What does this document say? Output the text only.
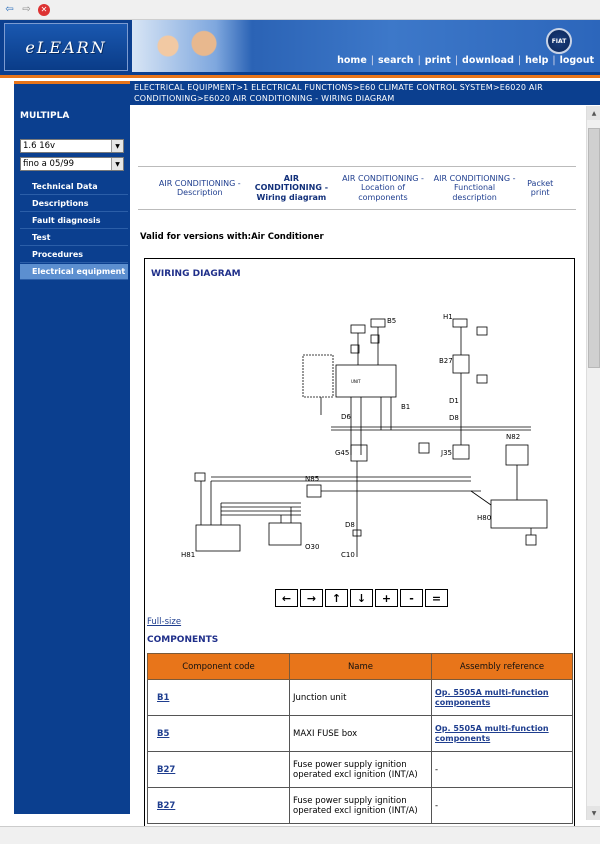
⇦ ⇨	✕
eLEARN	FIAT
home | search | print | download | help | logout
MULTIPLA
1.6 16v	▼
fino a 05/99	▼
Technical Data
Descriptions
Fault diagnosis
Test
Procedures
Electrical equipment
ELECTRICAL EQUIPMENT>1 ELECTRICAL FUNCTIONS>E60 CLIMATE CONTROL SYSTEM>E6020 AIR CONDITIONING>E6020 AIR CONDITIONING - WIRING DIAGRAM
AIR CONDITIONING - Description
AIR CONDITIONING - Wiring diagram
AIR CONDITIONING - Location of components
AIR CONDITIONING - Functional description
Packet print
Valid for versions with:Air Conditioner
WIRING DIAGRAM
UNIT
B5	H1
B27
D1
D8
B1
D6
G45	J35
N82
N85
D8
C10
H81
O30
H80
←	→	↑	↓	+	-	=
Full-size
COMPONENTS
Component code	Name	Assembly reference
B1	Junction unit	Op. 5505A multi-function components
B5	MAXI FUSE box	Op. 5505A multi-function components
B27	Fuse power supply ignition operated excl ignition (INT/A)	-
B27	Fuse power supply ignition operated excl ignition (INT/A)	-
▲
▼
